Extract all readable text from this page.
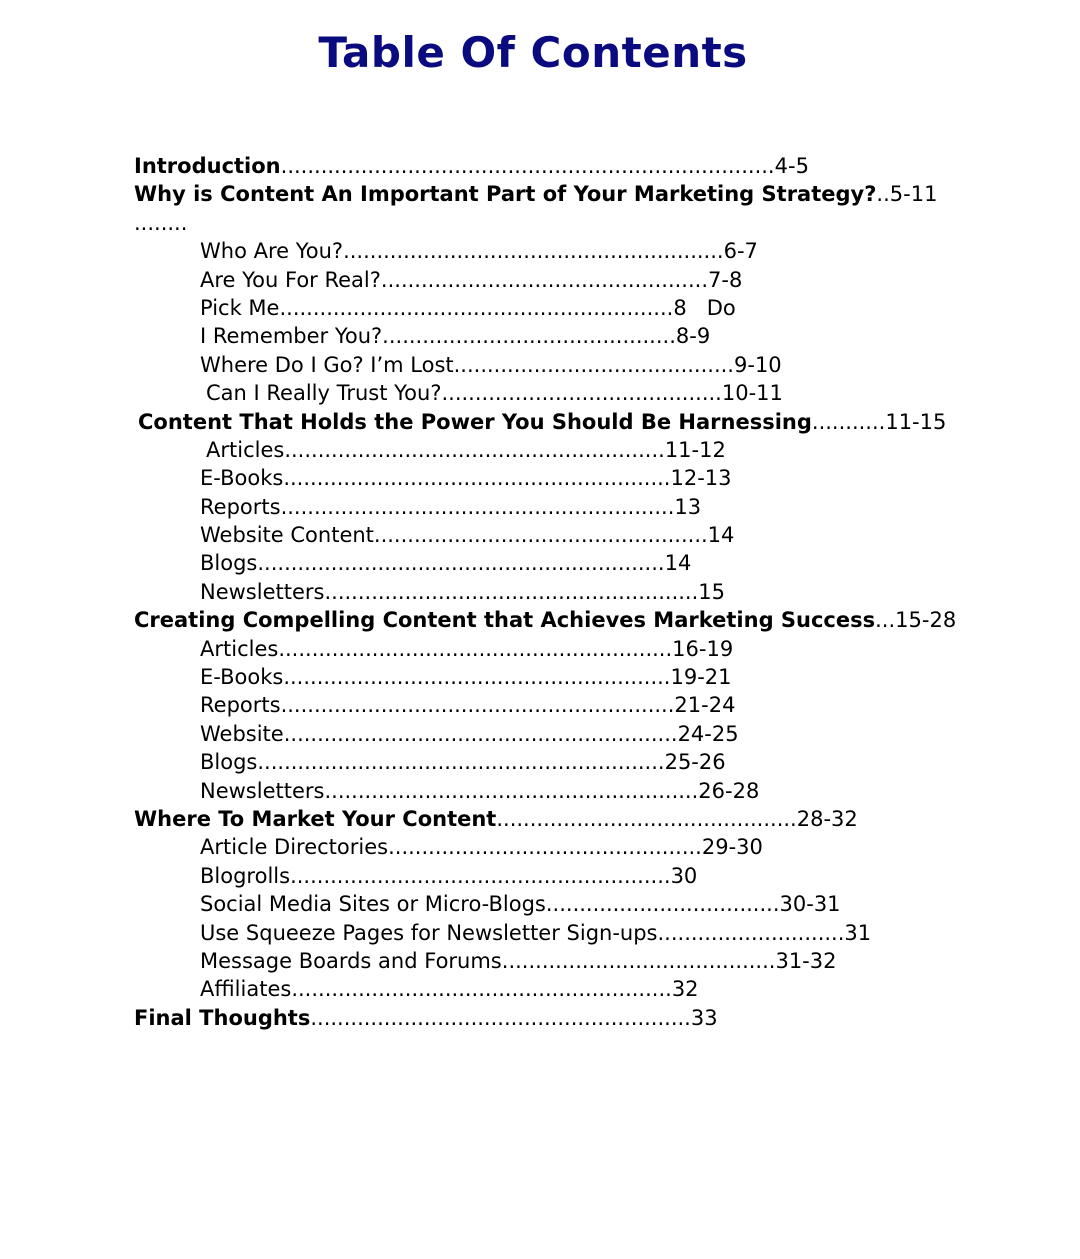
Table Of Contents
Introduction..........................................................................4-5
Why is Content An Important Part of Your Marketing Strategy?..5-11
........
Who Are You?.........................................................6-7
Are You For Real?.................................................7-8
Pick Me...........................................................8   Do
I Remember You?............................................8-9
Where Do I Go? I’m Lost..........................................9-10
Can I Really Trust You?..........................................10-11
Content That Holds the Power You Should Be Harnessing...........11-15
Articles.........................................................11-12
E-Books..........................................................12-13
Reports...........................................................13
Website Content..................................................14
Blogs.............................................................14
Newsletters........................................................15
Creating Compelling Content that Achieves Marketing Success...15-28
Articles...........................................................16-19
E-Books..........................................................19-21
Reports...........................................................21-24
Website...........................................................24-25
Blogs.............................................................25-26
Newsletters........................................................26-28
Where To Market Your Content.............................................28-32
Article Directories...............................................29-30
Blogrolls.........................................................30
Social Media Sites or Micro-Blogs...................................30-31
Use Squeeze Pages for Newsletter Sign-ups............................31
Message Boards and Forums.........................................31-32
Affiliates.........................................................32
Final Thoughts.........................................................33
